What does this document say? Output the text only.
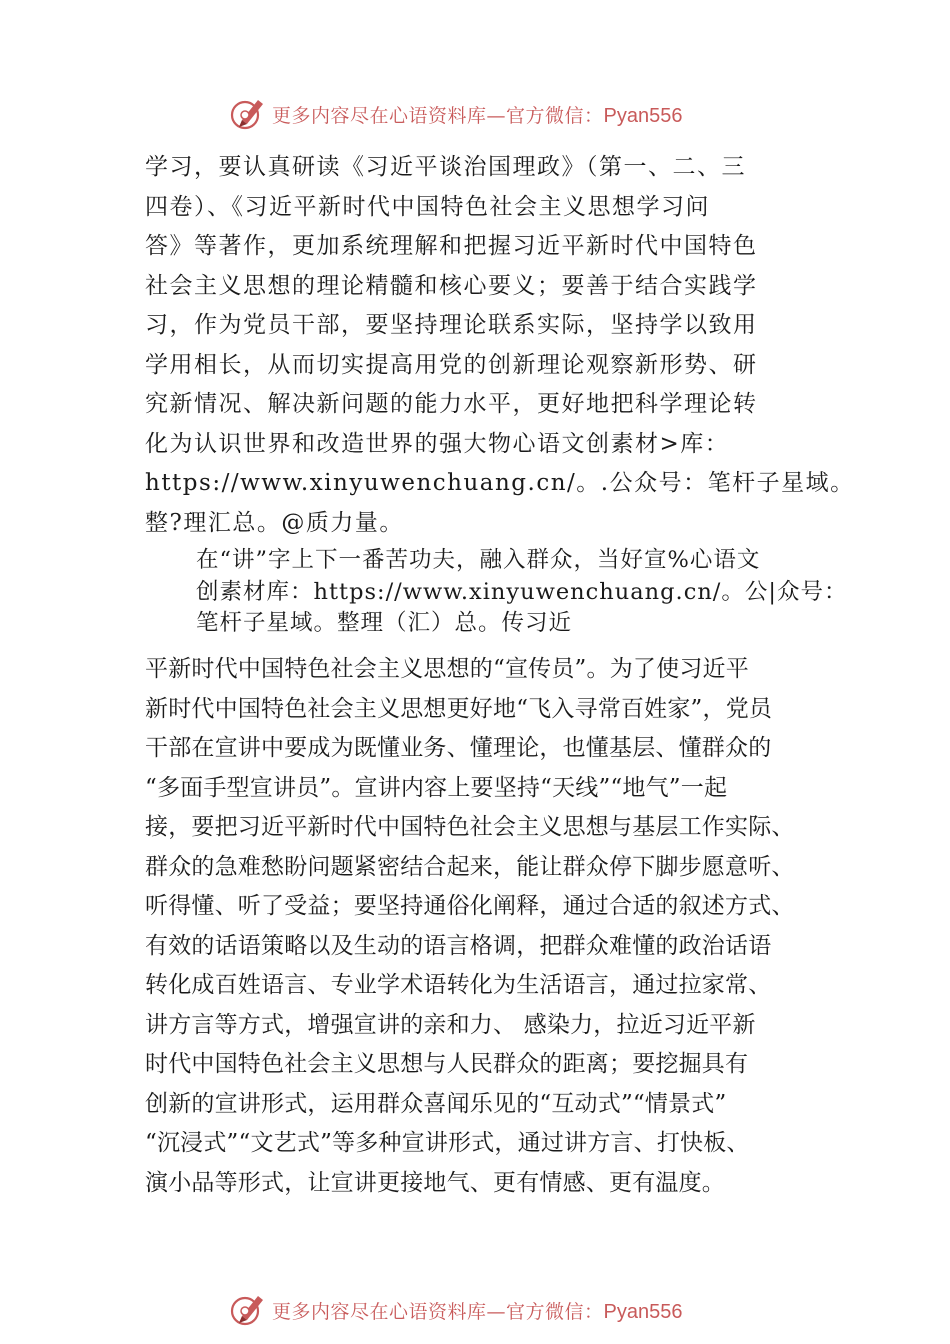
更多内容尽在心语资料库—官方微信：Pyan556

学习，要认真研读《习近平谈治国理政》（第一、二、三
四卷）、《习近平新时代中国特色社会主义思想学习问
答》等著作，更加系统理解和把握习近平新时代中国特色
社会主义思想的理论精髓和核心要义；要善于结合实践学
习，作为党员干部，要坚持理论联系实际，坚持学以致用
学用相长，从而切实提高用党的创新理论观察新形势、研
究新情况、解决新问题的能力水平，更好地把科学理论转
化为认识世界和改造世界的强大物心语文创素材>库：
https://www.xinyuwenchuang.cn/。.公众号：笔杆子星域。
整?理汇总。@质力量。

在“讲”字上下一番苦功夫，融入群众，当好宣%心语文
创素材库：https://www.xinyuwenchuang.cn/。公|众号：
笔杆子星域。整理（汇）总。传习近

平新时代中国特色社会主义思想的“宣传员”。为了使习近平
新时代中国特色社会主义思想更好地“飞入寻常百姓家”，党员
干部在宣讲中要成为既懂业务、懂理论，也懂基层、懂群众的
“多面手型宣讲员”。宣讲内容上要坚持“天线”“地气”一起
接，要把习近平新时代中国特色社会主义思想与基层工作实际、
群众的急难愁盼问题紧密结合起来，能让群众停下脚步愿意听、
听得懂、听了受益；要坚持通俗化阐释，通过合适的叙述方式、
有效的话语策略以及生动的语言格调，把群众难懂的政治话语
转化成百姓语言、专业学术语转化为生活语言，通过拉家常、
讲方言等方式，增强宣讲的亲和力、 感染力，拉近习近平新
时代中国特色社会主义思想与人民群众的距离；要挖掘具有
创新的宣讲形式，运用群众喜闻乐见的“互动式”“情景式”
“沉浸式”“文艺式”等多种宣讲形式，通过讲方言、打快板、
演小品等形式，让宣讲更接地气、更有情感、更有温度。

更多内容尽在心语资料库—官方微信：Pyan556
